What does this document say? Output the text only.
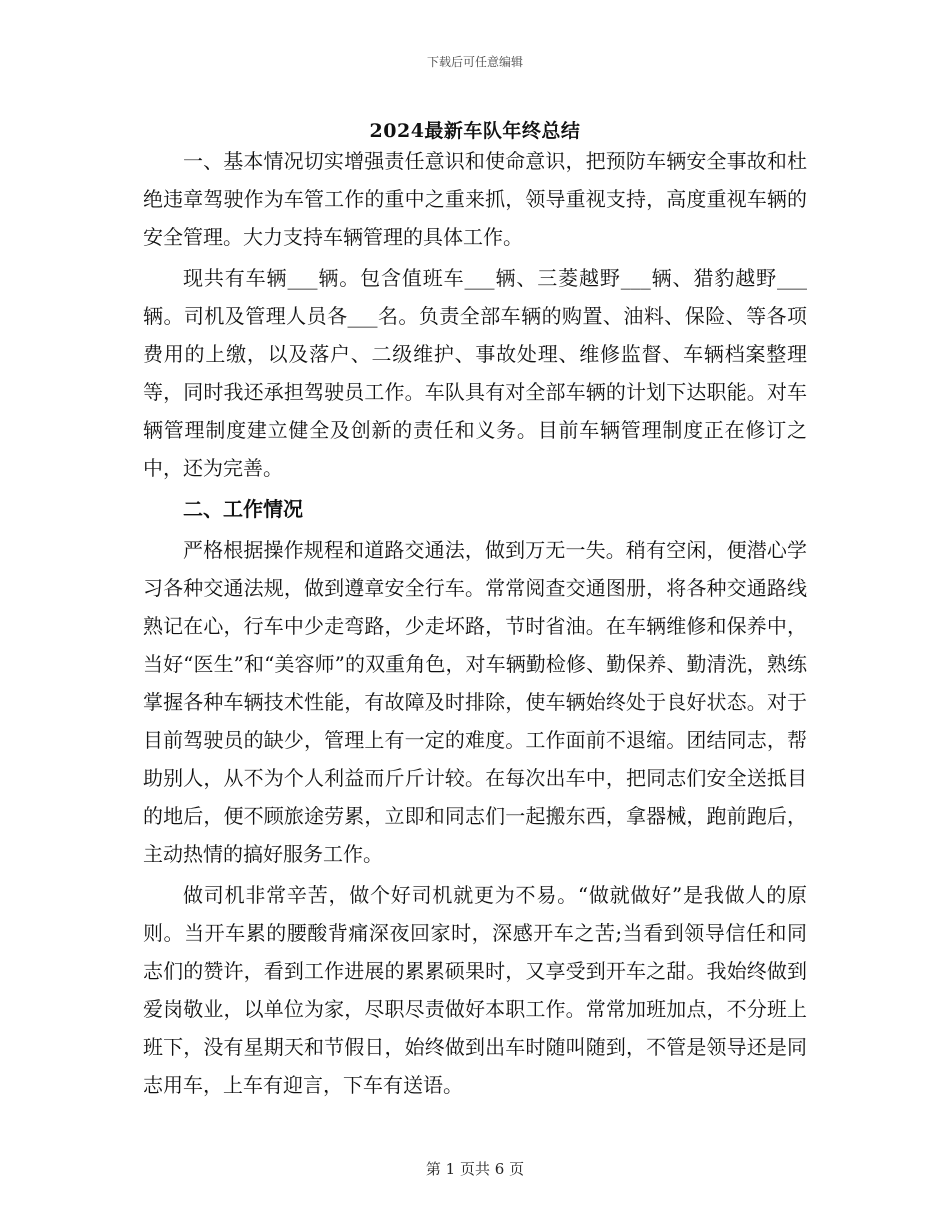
下载后可任意编辑
2024最新车队年终总结

一、基本情况切实增强责任意识和使命意识，把预防车辆安全事故和杜绝违章驾驶作为车管工作的重中之重来抓，领导重视支持，高度重视车辆的安全管理。大力支持车辆管理的具体工作。

现共有车辆___辆。包含值班车___辆、三菱越野___辆、猎豹越野___辆。司机及管理人员各___名。负责全部车辆的购置、油料、保险、等各项费用的上缴，以及落户、二级维护、事故处理、维修监督、车辆档案整理等，同时我还承担驾驶员工作。车队具有对全部车辆的计划下达职能。对车辆管理制度建立健全及创新的责任和义务。目前车辆管理制度正在修订之中，还为完善。

二、工作情况

严格根据操作规程和道路交通法，做到万无一失。稍有空闲，便潜心学习各种交通法规，做到遵章安全行车。常常阅查交通图册，将各种交通路线熟记在心，行车中少走弯路，少走坏路，节时省油。在车辆维修和保养中，当好“医生”和“美容师”的双重角色，对车辆勤检修、勤保养、勤清洗，熟练掌握各种车辆技术性能，有故障及时排除，使车辆始终处于良好状态。对于目前驾驶员的缺少，管理上有一定的难度。工作面前不退缩。团结同志，帮助别人，从不为个人利益而斤斤计较。在每次出车中，把同志们安全送抵目的地后，便不顾旅途劳累，立即和同志们一起搬东西，拿器械，跑前跑后，主动热情的搞好服务工作。

做司机非常辛苦，做个好司机就更为不易。“做就做好”是我做人的原则。当开车累的腰酸背痛深夜回家时，深感开车之苦;当看到领导信任和同志们的赞许，看到工作进展的累累硕果时，又享受到开车之甜。我始终做到爱岗敬业，以单位为家，尽职尽责做好本职工作。常常加班加点，不分班上班下，没有星期天和节假日，始终做到出车时随叫随到，不管是领导还是同志用车，上车有迎言，下车有送语。

第 1 页共 6 页
